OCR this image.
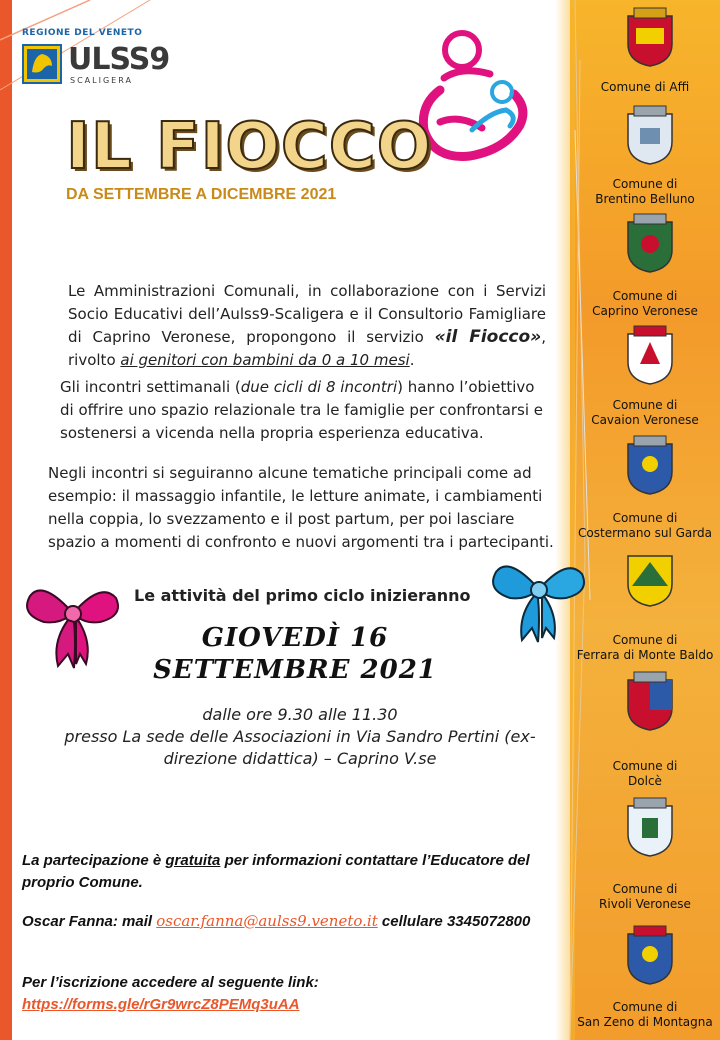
REGIONE DEL VENETO
ULSS9
SCALIGERA
IL FIOCCO
DA SETTEMBRE A DICEMBRE 2021

Le Amministrazioni Comunali, in collaborazione con i Servizi Socio Educativi dell’Aulss9-Scaligera e il Consultorio Famigliare di Caprino Veronese, propongono il servizio «il Fiocco», rivolto ai genitori con bambini da 0 a 10 mesi.

Gli incontri settimanali (due cicli di 8 incontri) hanno l’obiettivo di offrire uno spazio relazionale tra le famiglie per confrontarsi e sostenersi a vicenda nella propria esperienza educativa.

Negli incontri si seguiranno alcune tematiche principali come ad esempio: il massaggio infantile, le letture animate, i cambiamenti nella coppia, lo svezzamento e il post partum, per poi lasciare spazio a momenti di confronto e nuovi argomenti tra i partecipanti.

Le attività del primo ciclo inizieranno
GIOVEDÌ 16
SETTEMBRE 2021
dalle ore 9.30 alle 11.30
presso La sede delle Associazioni in Via Sandro Pertini (ex-direzione didattica) – Caprino V.se
La partecipazione è gratuita per informazioni contattare l’Educatore del proprio Comune.
Oscar Fanna: mail oscar.fanna@aulss9.veneto.it cellulare 3345072800
Per l’iscrizione accedere al seguente link:
https://forms.gle/rGr9wrcZ8PEMq3uAA
Comune di Affi
Comune di
Brentino Belluno
Comune di
Caprino Veronese
Comune di
Cavaion Veronese
Comune di
Costermano sul Garda
Comune di
Ferrara di Monte Baldo
Comune di
Dolcè
Comune di
Rivoli Veronese
Comune di
San Zeno di Montagna
